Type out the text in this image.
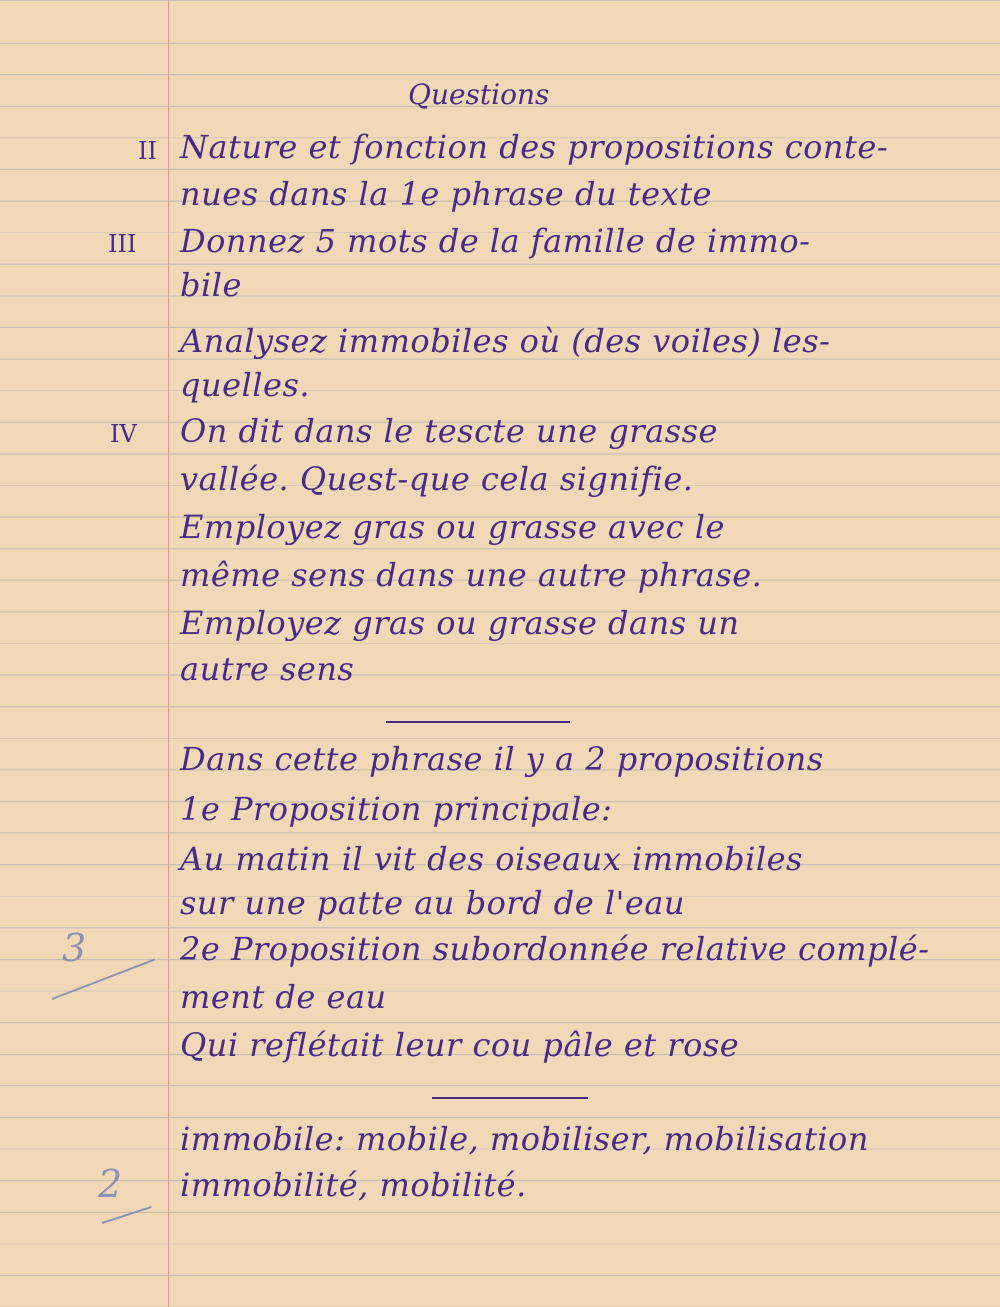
Questions

II Nature et fonction des propositions conte-

nues dans la 1e phrase du texte

III Donnez 5 mots de la famille de immo-

bile

Analysez immobiles où (des voiles) les-

quelles.

IV On dit dans le tescte une grasse

vallée. Quest-que cela signifie.

Employez gras ou grasse avec le

même sens dans une autre phrase.

Employez gras ou grasse dans un

autre sens

Dans cette phrase il y a 2 propositions

1e Proposition principale:

Au matin il vit des oiseaux immobiles

sur une patte au bord de l'eau

2e Proposition subordonnée relative complé-

ment de eau

Qui reflétait leur cou pâle et rose

3

immobile: mobile, mobiliser, mobilisation

immobilité, mobilité.

2
